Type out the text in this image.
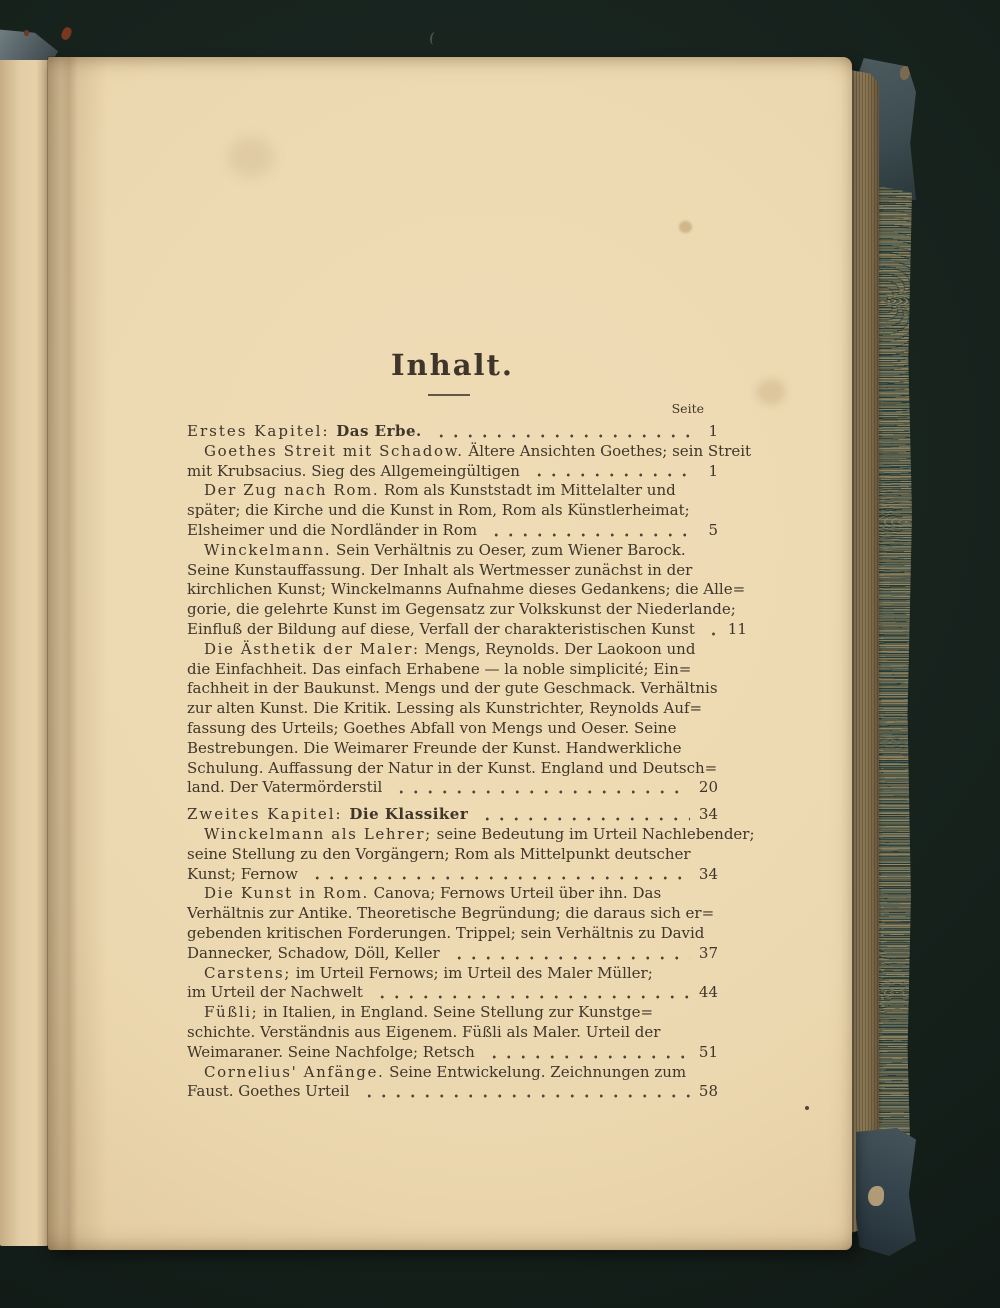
Inhalt.
Seite
Erstes Kapitel: Das Erbe.	1
Goethes Streit mit Schadow. Ältere Ansichten Goethes; sein Streit
mit Krubsacius. Sieg des Allgemeingültigen	1
Der Zug nach Rom. Rom als Kunststadt im Mittelalter und
später; die Kirche und die Kunst in Rom, Rom als Künstlerheimat;
Elsheimer und die Nordländer in Rom	5
Winckelmann. Sein Verhältnis zu Oeser, zum Wiener Barock.
Seine Kunstauffassung. Der Inhalt als Wertmesser zunächst in der
kirchlichen Kunst; Winckelmanns Aufnahme dieses Gedankens; die Alle=
gorie, die gelehrte Kunst im Gegensatz zur Volkskunst der Niederlande;
Einfluß der Bildung auf diese, Verfall der charakteristischen Kunst	11
Die Ästhetik der Maler: Mengs, Reynolds. Der Laokoon und
die Einfachheit. Das einfach Erhabene — la noble simplicité; Ein=
fachheit in der Baukunst. Mengs und der gute Geschmack. Verhältnis
zur alten Kunst. Die Kritik. Lessing als Kunstrichter, Reynolds Auf=
fassung des Urteils; Goethes Abfall von Mengs und Oeser. Seine
Bestrebungen. Die Weimarer Freunde der Kunst. Handwerkliche
Schulung. Auffassung der Natur in der Kunst. England und Deutsch=
land. Der Vatermörderstil	20
Zweites Kapitel: Die Klassiker	34
Winckelmann als Lehrer; seine Bedeutung im Urteil Nachlebender;
seine Stellung zu den Vorgängern; Rom als Mittelpunkt deutscher
Kunst; Fernow	34
Die Kunst in Rom. Canova; Fernows Urteil über ihn. Das
Verhältnis zur Antike. Theoretische Begründung; die daraus sich er=
gebenden kritischen Forderungen. Trippel; sein Verhältnis zu David
Dannecker, Schadow, Döll, Keller	37
Carstens; im Urteil Fernows; im Urteil des Maler Müller;
im Urteil der Nachwelt	44
Füßli; in Italien, in England. Seine Stellung zur Kunstge=
schichte. Verständnis aus Eigenem. Füßli als Maler. Urteil der
Weimaraner. Seine Nachfolge; Retsch	51
Cornelius' Anfänge. Seine Entwickelung. Zeichnungen zum
Faust. Goethes Urteil	58
